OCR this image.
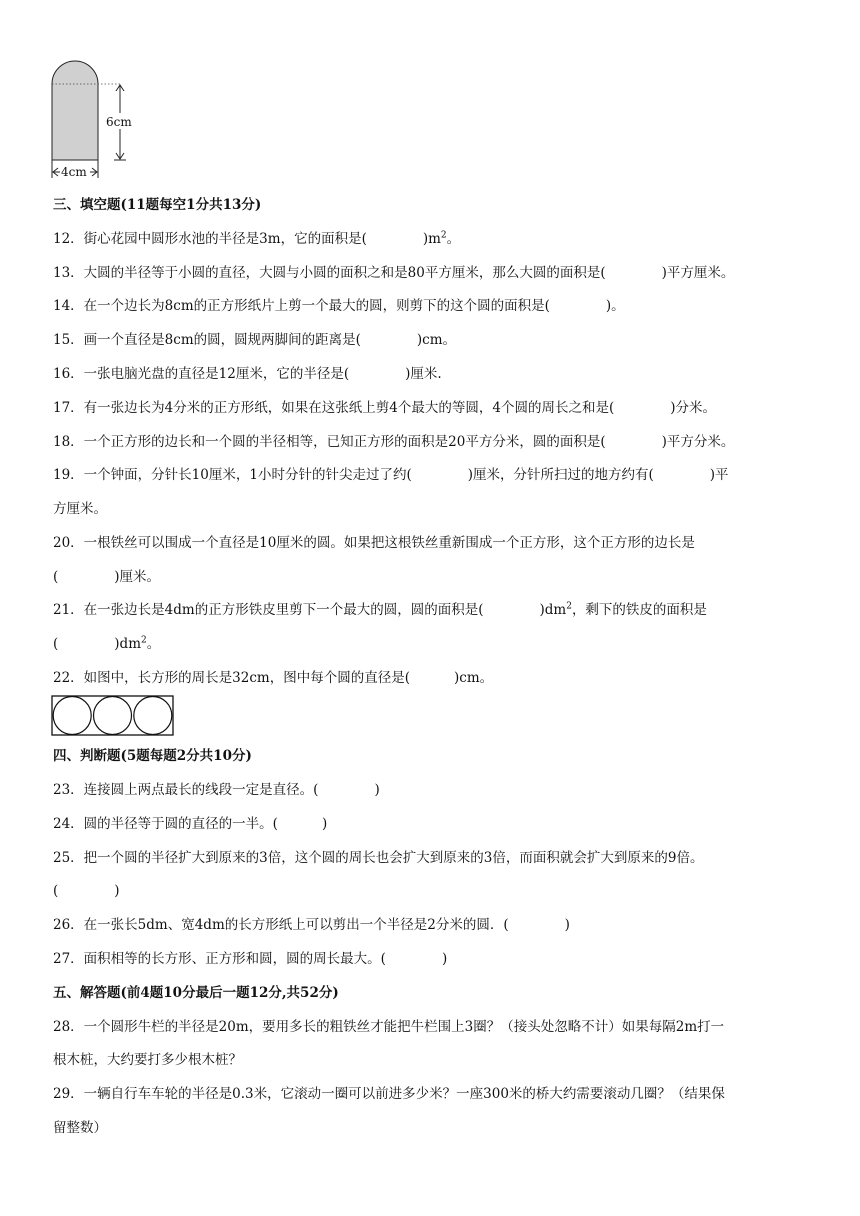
6cm
4cm
三、填空题(11题每空1分共13分)
12．街心花园中圆形水池的半径是3m，它的面积是(	)$m^2$。
13．大圆的半径等于小圆的直径，大圆与小圆的面积之和是80平方厘米，那么大圆的面积是(	)平方厘米。
14．在一个边长为8cm的正方形纸片上剪一个最大的圆，则剪下的这个圆的面积是(	)。
15．画一个直径是8cm的圆，圆规两脚间的距离是(	)cm。
16．一张电脑光盘的直径是12厘米，它的半径是(	)厘米.
17．有一张边长为4分米的正方形纸，如果在这张纸上剪4个最大的等圆，4个圆的周长之和是(	)分米。
18．一个正方形的边长和一个圆的半径相等，已知正方形的面积是20平方分米，圆的面积是(	)平方分米。
19．一个钟面，分针长10厘米，1小时分针的针尖走过了约(	)厘米，分针所扫过的地方约有(	)平
方厘米。
20．一根铁丝可以围成一个直径是10厘米的圆。如果把这根铁丝重新围成一个正方形，这个正方形的边长是
(	)厘米。
21．在一张边长是4dm的正方形铁皮里剪下一个最大的圆，圆的面积是(	)$dm^2$，剩下的铁皮的面积是
(	)$dm^2$。
22．如图中，长方形的周长是32cm，图中每个圆的直径是(	)cm。
四、判断题(5题每题2分共10分)
23．连接圆上两点最长的线段一定是直径。(	)
24．圆的半径等于圆的直径的一半。(	)
25．把一个圆的半径扩大到原来的3倍，这个圆的周长也会扩大到原来的3倍，而面积就会扩大到原来的9倍。
(	)
26．在一张长5dm、宽4dm的长方形纸上可以剪出一个半径是2分米的圆．(	)
27．面积相等的长方形、正方形和圆，圆的周长最大。(	)
五、解答题(前4题10分最后一题12分,共52分)
28．一个圆形牛栏的半径是20m，要用多长的粗铁丝才能把牛栏围上3圈？（接头处忽略不计）如果每隔2m打一
根木桩，大约要打多少根木桩？
29．一辆自行车车轮的半径是0.3米，它滚动一圈可以前进多少米？一座300米的桥大约需要滚动几圈？（结果保
留整数）
